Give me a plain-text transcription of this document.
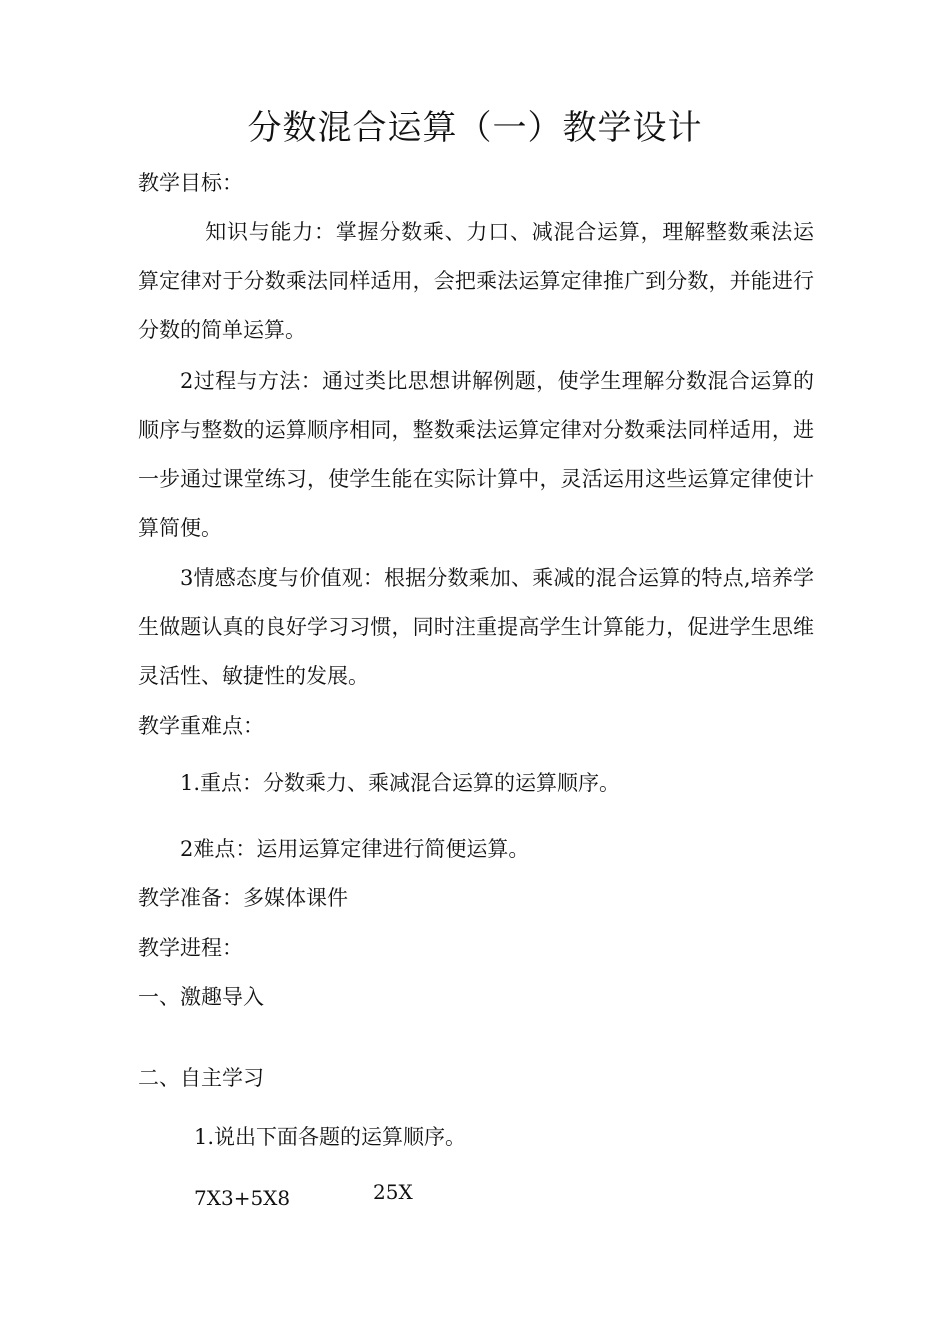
分数混合运算（一）教学设计
教学目标：
知识与能力：掌握分数乘、力口、减混合运算，理解整数乘法运算定律对于分数乘法同样适用，会把乘法运算定律推广到分数，并能进行分数的简单运算。
2过程与方法：通过类比思想讲解例题，使学生理解分数混合运算的顺序与整数的运算顺序相同，整数乘法运算定律对分数乘法同样适用，进一步通过课堂练习，使学生能在实际计算中，灵活运用这些运算定律使计算简便。
3情感态度与价值观：根据分数乘加、乘减的混合运算的特点,培养学生做题认真的良好学习习惯，同时注重提高学生计算能力，促进学生思维灵活性、敏捷性的发展。
教学重难点：
1.重点：分数乘力、乘减混合运算的运算顺序。
2难点：运用运算定律进行简便运算。
教学准备：多媒体课件
教学进程：
一、激趣导入
二、自主学习
1.说出下面各题的运算顺序。
7X3+5X8	25X
